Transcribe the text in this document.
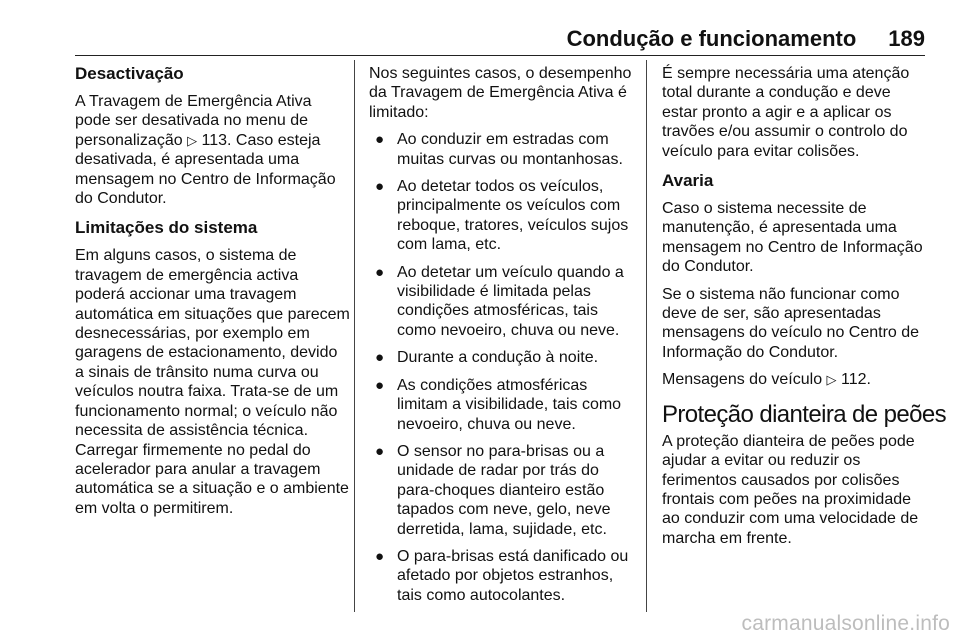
Condução e funcionamento 189
Desactivação

A Travagem de Emergência Ativa pode ser desativada no menu de personalização ▷ 113. Caso esteja desativada, é apresentada uma mensagem no Centro de Informação do Condutor.

Limitações do sistema

Em alguns casos, o sistema de travagem de emergência activa poderá accionar uma travagem automática em situações que parecem desnecessárias, por exemplo em garagens de estacionamento, devido a sinais de trânsito numa curva ou veículos noutra faixa. Trata-se de um funcionamento normal; o veículo não necessita de assistência técnica. Carregar firmemente no pedal do acelerador para anular a travagem automática se a situação e o ambiente em volta o permitirem.

Nos seguintes casos, o desempenho da Travagem de Emergência Ativa é limitado:

● Ao conduzir em estradas com muitas curvas ou montanhosas.
● Ao detetar todos os veículos, principalmente os veículos com reboque, tratores, veículos sujos com lama, etc.
● Ao detetar um veículo quando a visibilidade é limitada pelas condições atmosféricas, tais como nevoeiro, chuva ou neve.
● Durante a condução à noite.
● As condições atmosféricas limitam a visibilidade, tais como nevoeiro, chuva ou neve.
● O sensor no para-brisas ou a unidade de radar por trás do para-choques dianteiro estão tapados com neve, gelo, neve derretida, lama, sujidade, etc.
● O para-brisas está danificado ou afetado por objetos estranhos, tais como autocolantes.

É sempre necessária uma atenção total durante a condução e deve estar pronto a agir e a aplicar os travões e/ou assumir o controlo do veículo para evitar colisões.

Avaria

Caso o sistema necessite de manutenção, é apresentada uma mensagem no Centro de Informação do Condutor.

Se o sistema não funcionar como deve de ser, são apresentadas mensagens do veículo no Centro de Informação do Condutor.

Mensagens do veículo ▷ 112.

Proteção dianteira de peões

A proteção dianteira de peões pode ajudar a evitar ou reduzir os ferimentos causados por colisões frontais com peões na proximidade ao conduzir com uma velocidade de marcha em frente.

carmanualsonline.info
